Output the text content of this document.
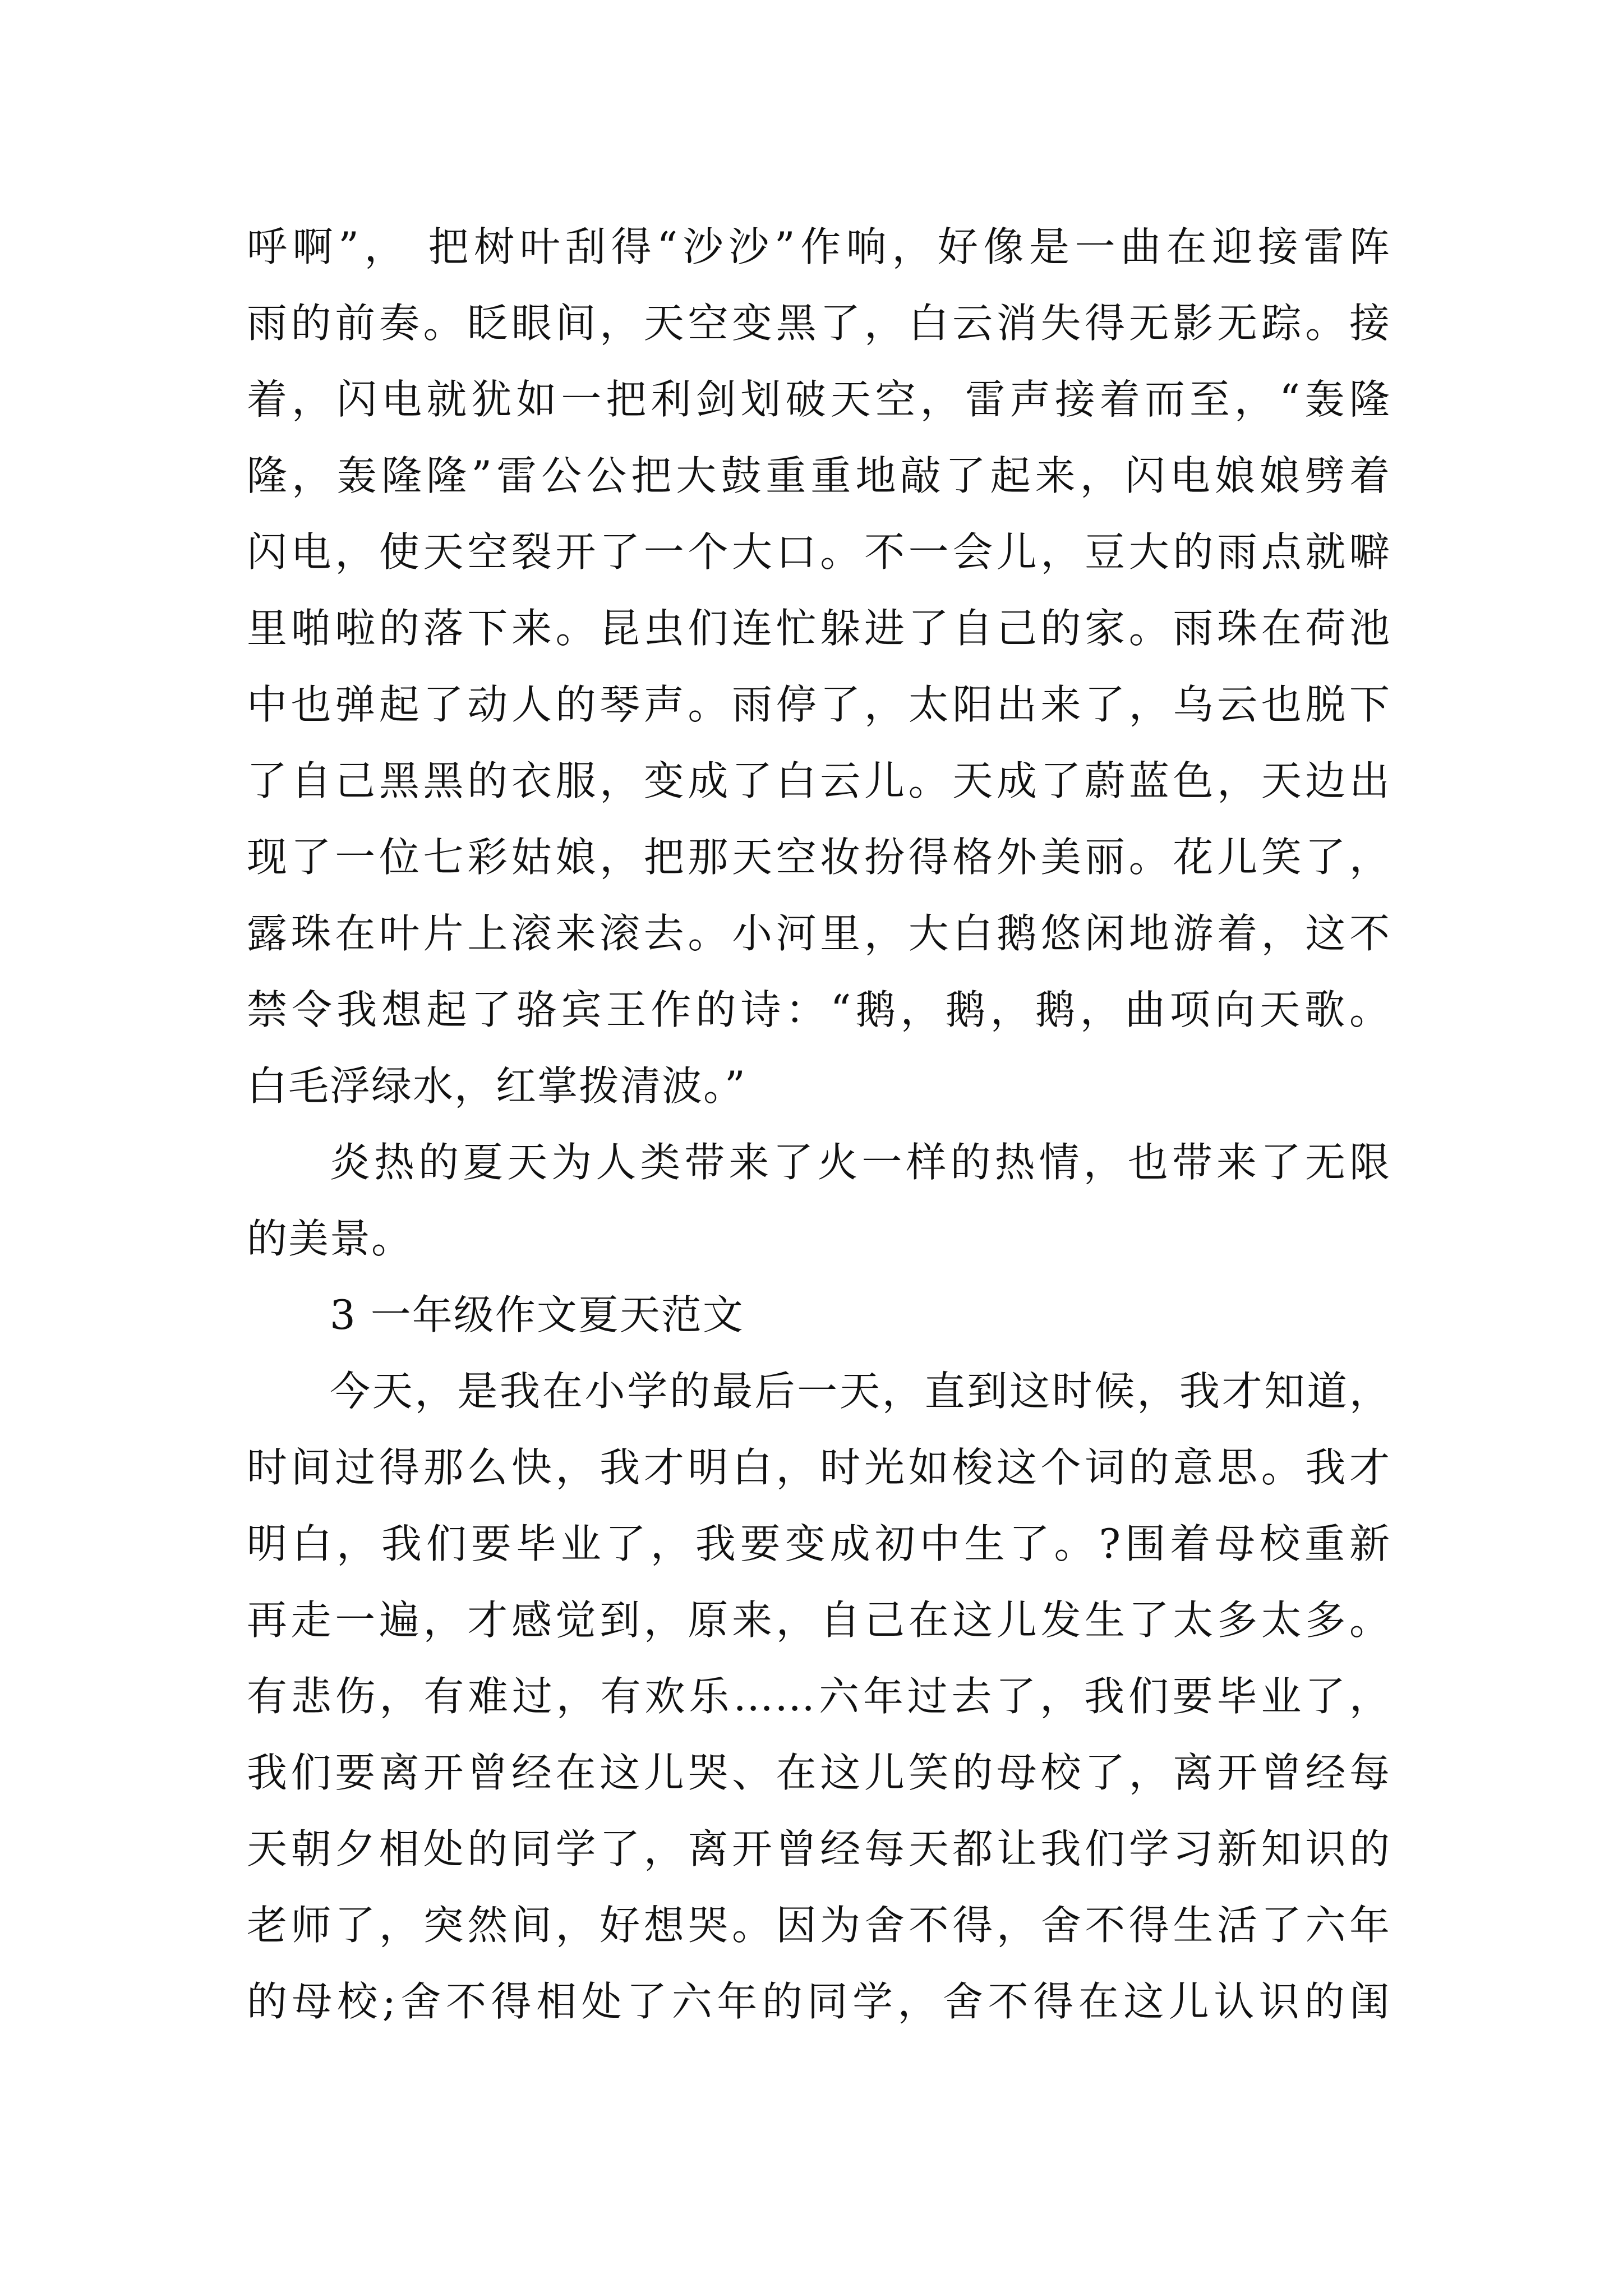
呼啊”， 把树叶刮得“沙沙”作响，好像是一曲在迎接雷阵
雨的前奏。眨眼间，天空变黑了，白云消失得无影无踪。接
着，闪电就犹如一把利剑划破天空，雷声接着而至，“轰隆
隆，轰隆隆”雷公公把大鼓重重地敲了起来，闪电娘娘劈着
闪电，使天空裂开了一个大口。不一会儿，豆大的雨点就噼
里啪啦的落下来。昆虫们连忙躲进了自己的家。雨珠在荷池
中也弹起了动人的琴声。雨停了，太阳出来了，乌云也脱下
了自己黑黑的衣服，变成了白云儿。天成了蔚蓝色，天边出
现了一位七彩姑娘，把那天空妆扮得格外美丽。花儿笑了，
露珠在叶片上滚来滚去。小河里，大白鹅悠闲地游着，这不
禁令我想起了骆宾王作的诗：“鹅，鹅，鹅，曲项向天歌。
白毛浮绿水，红掌拨清波。”
炎热的夏天为人类带来了火一样的热情，也带来了无限
的美景。
3 一年级作文夏天范文
今天，是我在小学的最后一天，直到这时候，我才知道，
时间过得那么快，我才明白，时光如梭这个词的意思。我才
明白，我们要毕业了，我要变成初中生了。?围着母校重新
再走一遍，才感觉到，原来，自己在这儿发生了太多太多。
有悲伤，有难过，有欢乐……六年过去了，我们要毕业了，
我们要离开曾经在这儿哭、在这儿笑的母校了，离开曾经每
天朝夕相处的同学了，离开曾经每天都让我们学习新知识的
老师了，突然间，好想哭。因为舍不得，舍不得生活了六年
的母校;舍不得相处了六年的同学，舍不得在这儿认识的闺
